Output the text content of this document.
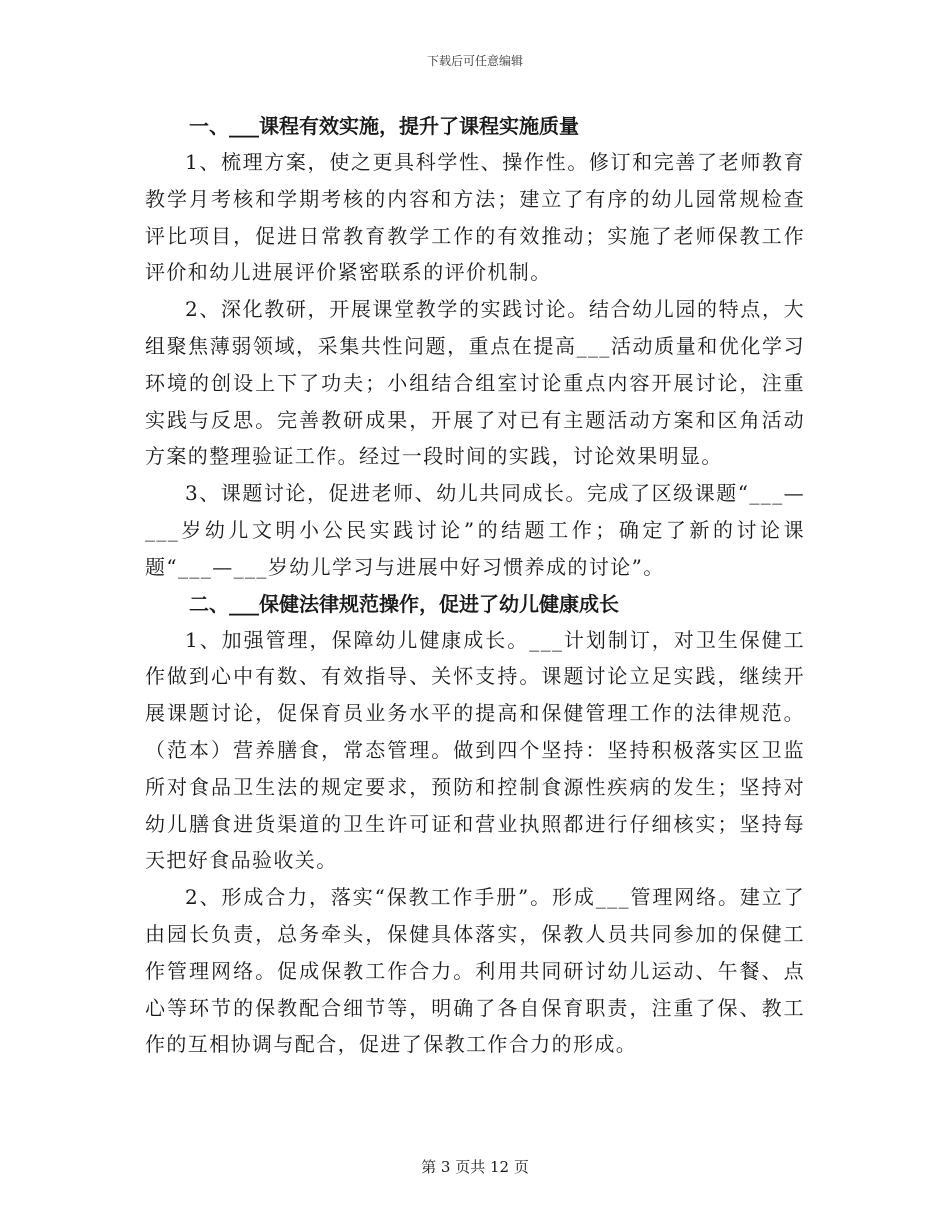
下载后可任意编辑
一、___课程有效实施，提升了课程实施质量

1、梳理方案，使之更具科学性、操作性。修订和完善了老师教育教学月考核和学期考核的内容和方法；建立了有序的幼儿园常规检查评比项目，促进日常教育教学工作的有效推动；实施了老师保教工作评价和幼儿进展评价紧密联系的评价机制。

2、深化教研，开展课堂教学的实践讨论。结合幼儿园的特点，大组聚焦薄弱领域，采集共性问题，重点在提高___活动质量和优化学习环境的创设上下了功夫；小组结合组室讨论重点内容开展讨论，注重实践与反思。完善教研成果，开展了对已有主题活动方案和区角活动方案的整理验证工作。经过一段时间的实践，讨论效果明显。

3、课题讨论，促进老师、幼儿共同成长。完成了区级课题“___—___岁幼儿文明小公民实践讨论”的结题工作；确定了新的讨论课题“___—___岁幼儿学习与进展中好习惯养成的讨论”。

二、___保健法律规范操作，促进了幼儿健康成长

1、加强管理，保障幼儿健康成长。___计划制订，对卫生保健工作做到心中有数、有效指导、关怀支持。课题讨论立足实践，继续开展课题讨论，促保育员业务水平的提高和保健管理工作的法律规范。（范本）营养膳食，常态管理。做到四个坚持：坚持积极落实区卫监所对食品卫生法的规定要求，预防和控制食源性疾病的发生；坚持对幼儿膳食进货渠道的卫生许可证和营业执照都进行仔细核实；坚持每天把好食品验收关。

2、形成合力，落实“保教工作手册”。形成___管理网络。建立了由园长负责，总务牵头，保健具体落实，保教人员共同参加的保健工作管理网络。促成保教工作合力。利用共同研讨幼儿运动、午餐、点心等环节的保教配合细节等，明确了各自保育职责，注重了保、教工作的互相协调与配合，促进了保教工作合力的形成。

第 3 页共 12 页
